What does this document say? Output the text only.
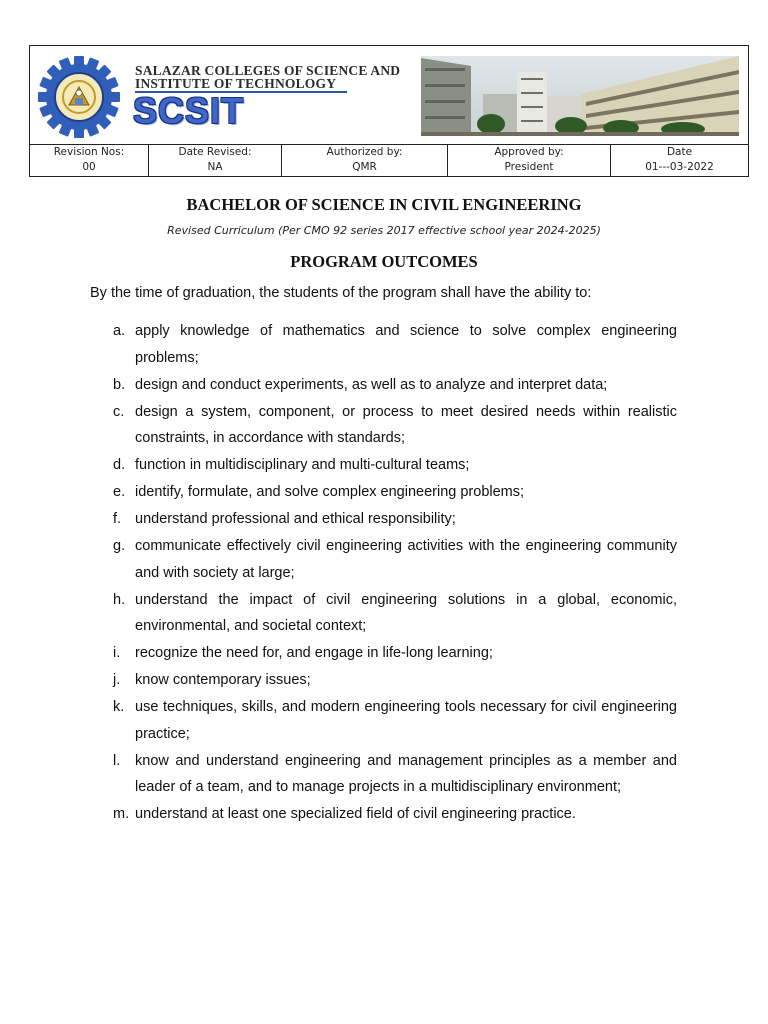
SALAZAR COLLEGES OF SCIENCE AND
INSTITUTE OF TECHNOLOGY
SCSIT
Revision Nos:
00
Date Revised:
NA
Authorized by:
QMR
Approved by:
President
Date
01---03-2022
BACHELOR OF SCIENCE IN CIVIL ENGINEERING
Revised Curriculum (Per CMO 92 series 2017 effective school year 2024-2025)
PROGRAM OUTCOMES
By the time of graduation, the students of the program shall have the ability to:
a. apply knowledge of mathematics and science to solve complex engineering problems;
b. design and conduct experiments, as well as to analyze and interpret data;
c. design a system, component, or process to meet desired needs within realistic constraints, in accordance with standards;
d. function in multidisciplinary and multi-cultural teams;
e. identify, formulate, and solve complex engineering problems;
f. understand professional and ethical responsibility;
g. communicate effectively civil engineering activities with the engineering community and with society at large;
h. understand the impact of civil engineering solutions in a global, economic, environmental, and societal context;
i. recognize the need for, and engage in life-long learning;
j. know contemporary issues;
k. use techniques, skills, and modern engineering tools necessary for civil engineering practice;
l. know and understand engineering and management principles as a member and leader of a team, and to manage projects in a multidisciplinary environment;
m. understand at least one specialized field of civil engineering practice.
